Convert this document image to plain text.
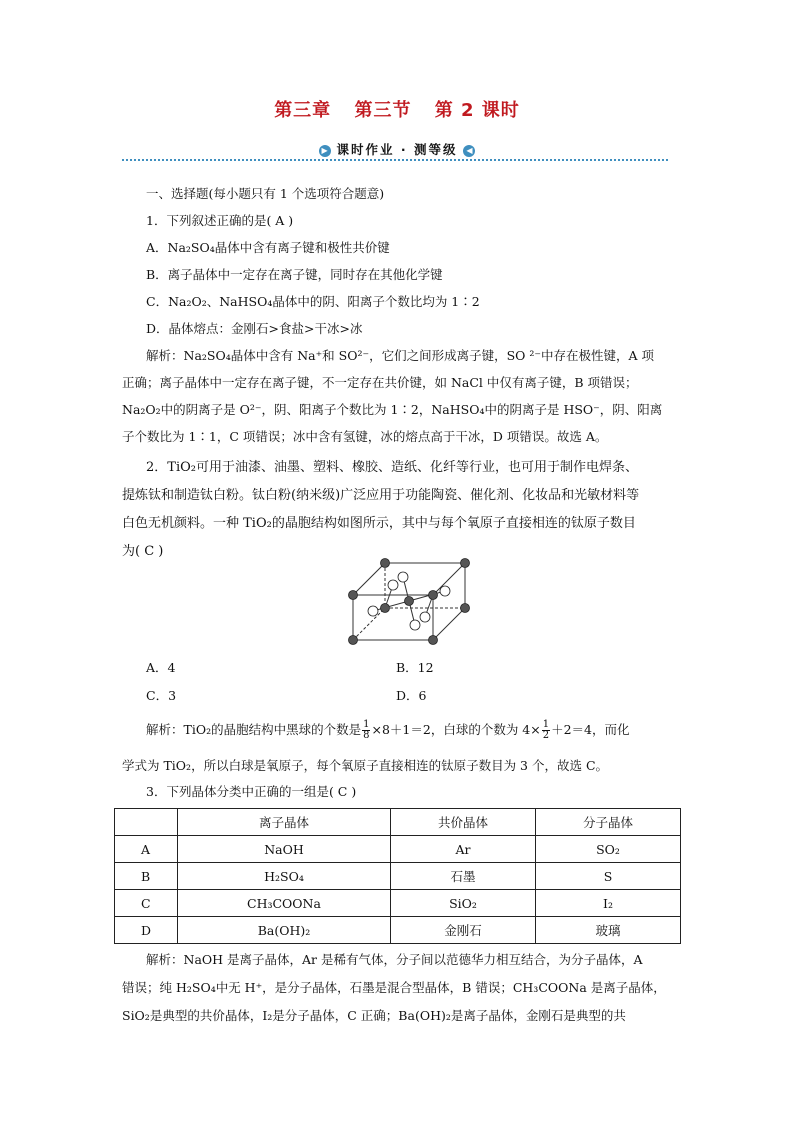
第三章 第三节 第 2 课时
▶ 课时作业 · 测等级 ◀
一、选择题(每小题只有 1 个选项符合题意)
1．下列叙述正确的是( A )
A．Na₂SO₄晶体中含有离子键和极性共价键
B．离子晶体中一定存在离子键，同时存在其他化学键
C．Na₂O₂、NaHSO₄晶体中的阴、阳离子个数比均为 1∶2
D．晶体熔点：金刚石>食盐>干冰>冰
解析：Na₂SO₄晶体中含有 Na⁺和 SO²⁻，它们之间形成离子键，SO ²⁻中存在极性键，A 项
正确；离子晶体中一定存在离子键，不一定存在共价键，如 NaCl 中仅有离子键，B 项错误；
Na₂O₂中的阴离子是 O²⁻，阴、阳离子个数比为 1∶2，NaHSO₄中的阴离子是 HSO⁻，阴、阳离
子个数比为 1∶1，C 项错误；冰中含有氢键，冰的熔点高于干冰，D 项错误。故选 A。
2．TiO₂可用于油漆、油墨、塑料、橡胶、造纸、化纤等行业，也可用于制作电焊条、
提炼钛和制造钛白粉。钛白粉(纳米级)广泛应用于功能陶瓷、催化剂、化妆品和光敏材料等
白色无机颜料。一种 TiO₂的晶胞结构如图所示，其中与每个氧原子直接相连的钛原子数目
为( C )
A．4	B．12
C．3	D．6
解析：TiO₂的晶胞结构中黑球的个数是 $\frac{1}{8} \times 8+1=2$，白球的个数为 $4\times \frac{1}{2} +2=4$，而化
学式为 TiO₂，所以白球是氧原子，每个氧原子直接相连的钛原子数目为 3 个，故选 C。
3．下列晶体分类中正确的一组是( C )
	离子晶体	共价晶体	分子晶体
A	NaOH	Ar	SO₂
B	H₂SO₄	石墨	S
C	CH₃COONa	SiO₂	I₂
D	Ba(OH)₂	金刚石	玻璃
解析：NaOH 是离子晶体，Ar 是稀有气体，分子间以范德华力相互结合，为分子晶体，A
错误；纯 H₂SO₄中无 H⁺，是分子晶体，石墨是混合型晶体，B 错误；CH₃COONa 是离子晶体，
SiO₂是典型的共价晶体，I₂是分子晶体，C 正确；Ba(OH)₂是离子晶体，金刚石是典型的共
